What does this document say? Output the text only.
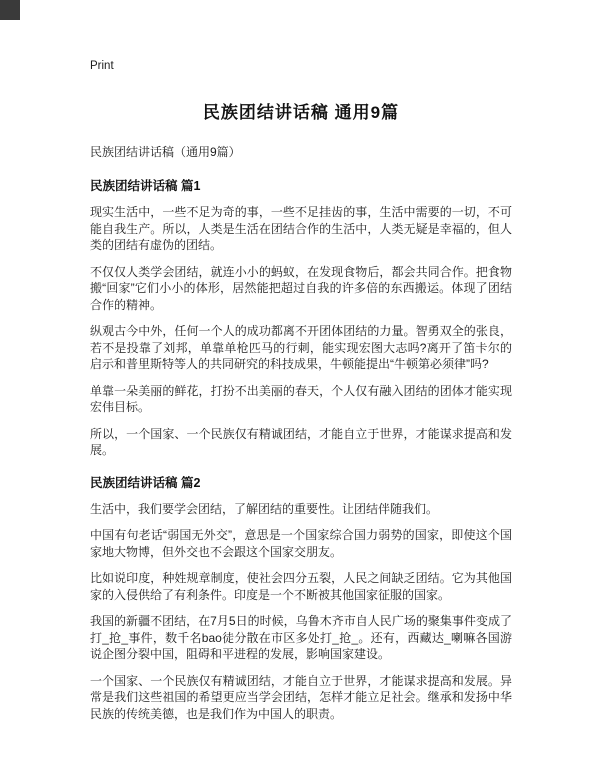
Print
民族团结讲话稿 通用9篇
民族团结讲话稿（通用9篇）
民族团结讲话稿 篇1

现实生活中，一些不足为奇的事，一些不足挂齿的事，生活中需要的一切，不可能自我生产。所以，人类是生活在团结合作的生活中，人类无疑是幸福的，但人类的团结有虚伪的团结。

不仅仅人类学会团结，就连小小的蚂蚁，在发现食物后，都会共同合作。把食物搬“回家”它们小小的体形，居然能把超过自我的许多倍的东西搬运。体现了团结合作的精神。

纵观古今中外，任何一个人的成功都离不开团体团结的力量。智勇双全的张良，若不是投靠了刘邦，单靠单枪匹马的行刺，能实现宏图大志吗?离开了笛卡尔的启示和普里斯特等人的共同研究的科技成果，牛顿能提出“牛顿第必须律”吗?

单靠一朵美丽的鲜花，打扮不出美丽的春天，个人仅有融入团结的团体才能实现宏伟目标。

所以，一个国家、一个民族仅有精诚团结，才能自立于世界，才能谋求提高和发展。

民族团结讲话稿 篇2

生活中，我们要学会团结，了解团结的重要性。让团结伴随我们。

中国有句老话“弱国无外交”，意思是一个国家综合国力弱势的国家，即使这个国家地大物博，但外交也不会跟这个国家交朋友。

比如说印度，种姓规章制度，使社会四分五裂，人民之间缺乏团结。它为其他国家的入侵供给了有利条件。印度是一个不断被其他国家征服的国家。

我国的新疆不团结，在7月5日的时候，乌鲁木齐市自人民广场的聚集事件变成了打_抢_事件，数千名bao徒分散在市区多处打_抢_。还有，西藏达_喇嘛各国游说企图分裂中国，阻碍和平进程的发展，影响国家建设。

一个国家、一个民族仅有精诚团结，才能自立于世界，才能谋求提高和发展。异常是我们这些祖国的希望更应当学会团结，怎样才能立足社会。继承和发扬中华民族的传统美德，也是我们作为中国人的职责。
